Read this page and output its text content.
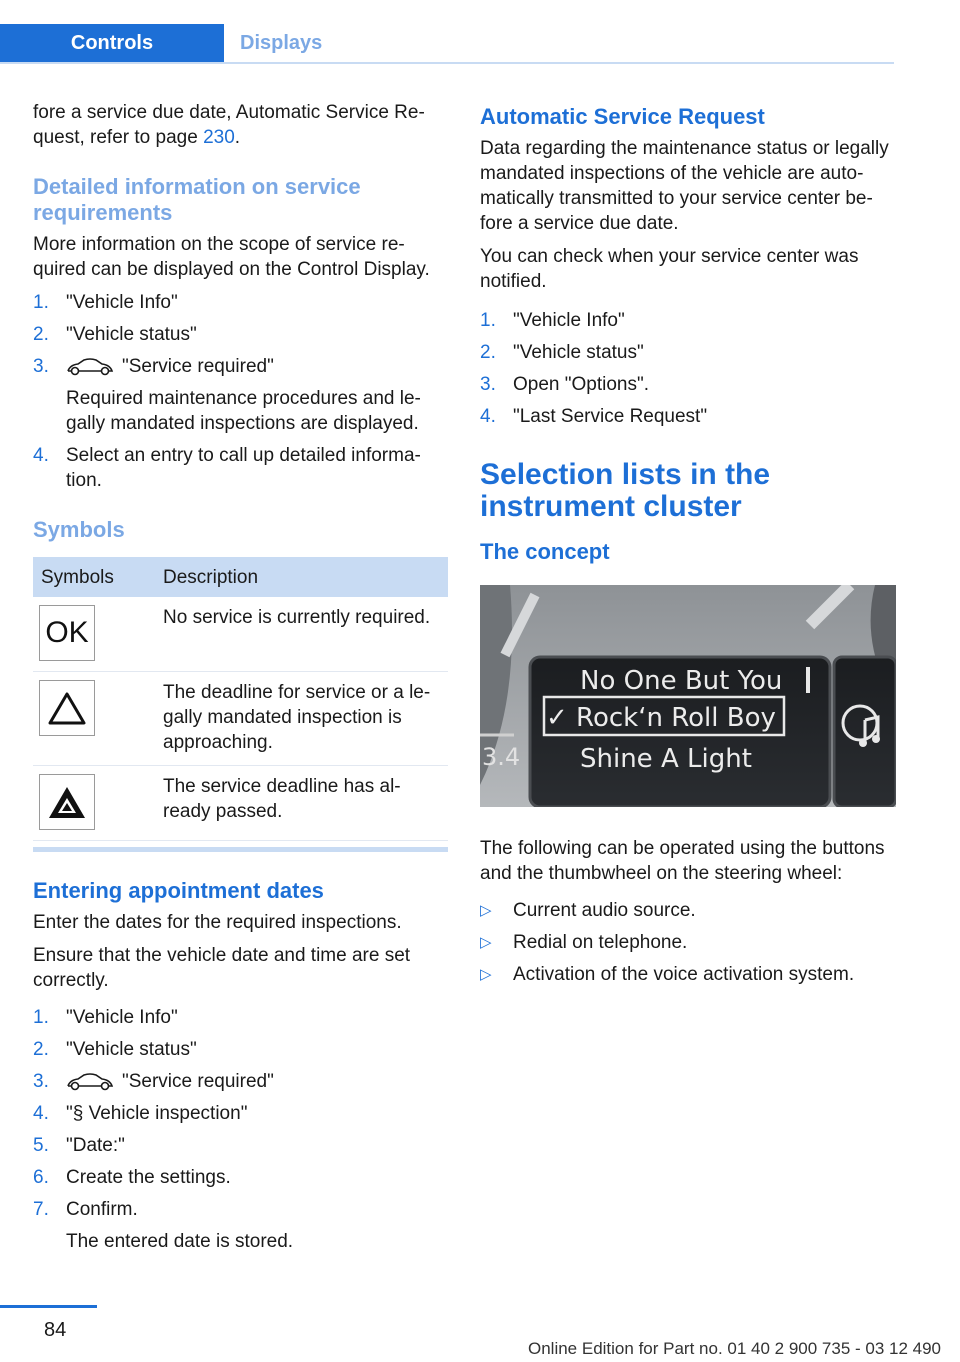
Controls	Displays

fore a service due date, Automatic Service Re-quest, refer to page 230.

Detailed information on service requirements

More information on the scope of service re-quired can be displayed on the Control Display.

1. "Vehicle Info"
2. "Vehicle status"
3.	"Service required"
Required maintenance procedures and le-gally mandated inspections are displayed.
4. Select an entry to call up detailed informa-tion.
Symbols
Symbols	Description

OK	No service is currently required.

	The deadline for service or a le-gally mandated inspection is approaching.

	The service deadline has al-ready passed.
Entering appointment dates

Enter the dates for the required inspections.

Ensure that the vehicle date and time are set correctly.

1. "Vehicle Info"
2. "Vehicle status"
3.	"Service required"
4. "§ Vehicle inspection"
5. "Date:"
6. Create the settings.
7. Confirm.
The entered date is stored.
Automatic Service Request

Data regarding the maintenance status or legally mandated inspections of the vehicle are auto-matically transmitted to your service center be-fore a service due date.

You can check when your service center was notified.

1. "Vehicle Info"
2. "Vehicle status"
3. Open "Options".
4. "Last Service Request"
Selection lists in the instrument cluster
The concept
No One But You
✓ Rock‘n Roll Boy
Shine A Light
3.4

The following can be operated using the buttons and the thumbwheel on the steering wheel:

▷ Current audio source.
▷ Redial on telephone.
▷ Activation of the voice activation system.
84
Online Edition for Part no. 01 40 2 900 735 - 03 12 490
